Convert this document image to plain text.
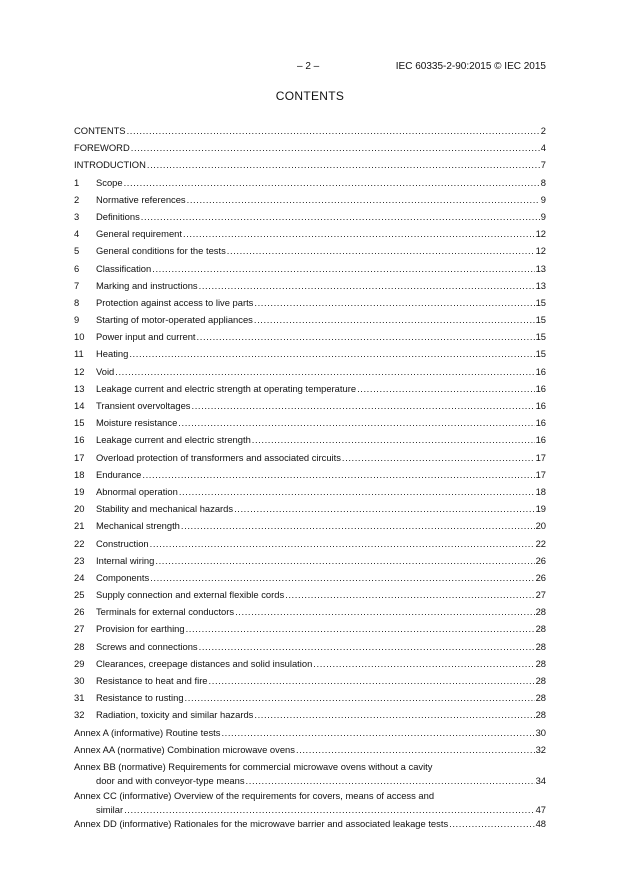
– 2 –	IEC 60335-2-90:2015 © IEC 2015
CONTENTS
CONTENTS .....	2
FOREWORD .....	4
INTRODUCTION .....	7
1	Scope .....	8
2	Normative references .....	9
3	Definitions .....	9
4	General requirement .....	12
5	General conditions for the tests .....	12
6	Classification .....	13
7	Marking and instructions .....	13
8	Protection against access to live parts .....	15
9	Starting of motor-operated appliances .....	15
10	Power input and current .....	15
11	Heating .....	15
12	Void .....	16
13	Leakage current and electric strength at operating temperature .....	16
14	Transient overvoltages .....	16
15	Moisture resistance .....	16
16	Leakage current and electric strength .....	16
17	Overload protection of transformers and associated circuits .....	17
18	Endurance .....	17
19	Abnormal operation .....	18
20	Stability and mechanical hazards .....	19
21	Mechanical strength .....	20
22	Construction .....	22
23	Internal wiring .....	26
24	Components .....	26
25	Supply connection and external flexible cords .....	27
26	Terminals for external conductors .....	28
27	Provision for earthing .....	28
28	Screws and connections .....	28
29	Clearances, creepage distances and solid insulation .....	28
30	Resistance to heat and fire .....	28
31	Resistance to rusting .....	28
32	Radiation, toxicity and similar hazards .....	28
Annex A (informative) Routine tests .....	30
Annex AA (normative) Combination microwave ovens .....	32
Annex BB (normative) Requirements for commercial microwave ovens without a cavity
door and with conveyor-type means .....	34
Annex CC (informative) Overview of the requirements for covers, means of access and
similar .....	47
Annex DD (informative) Rationales for the microwave barrier and associated leakage tests .....	48
